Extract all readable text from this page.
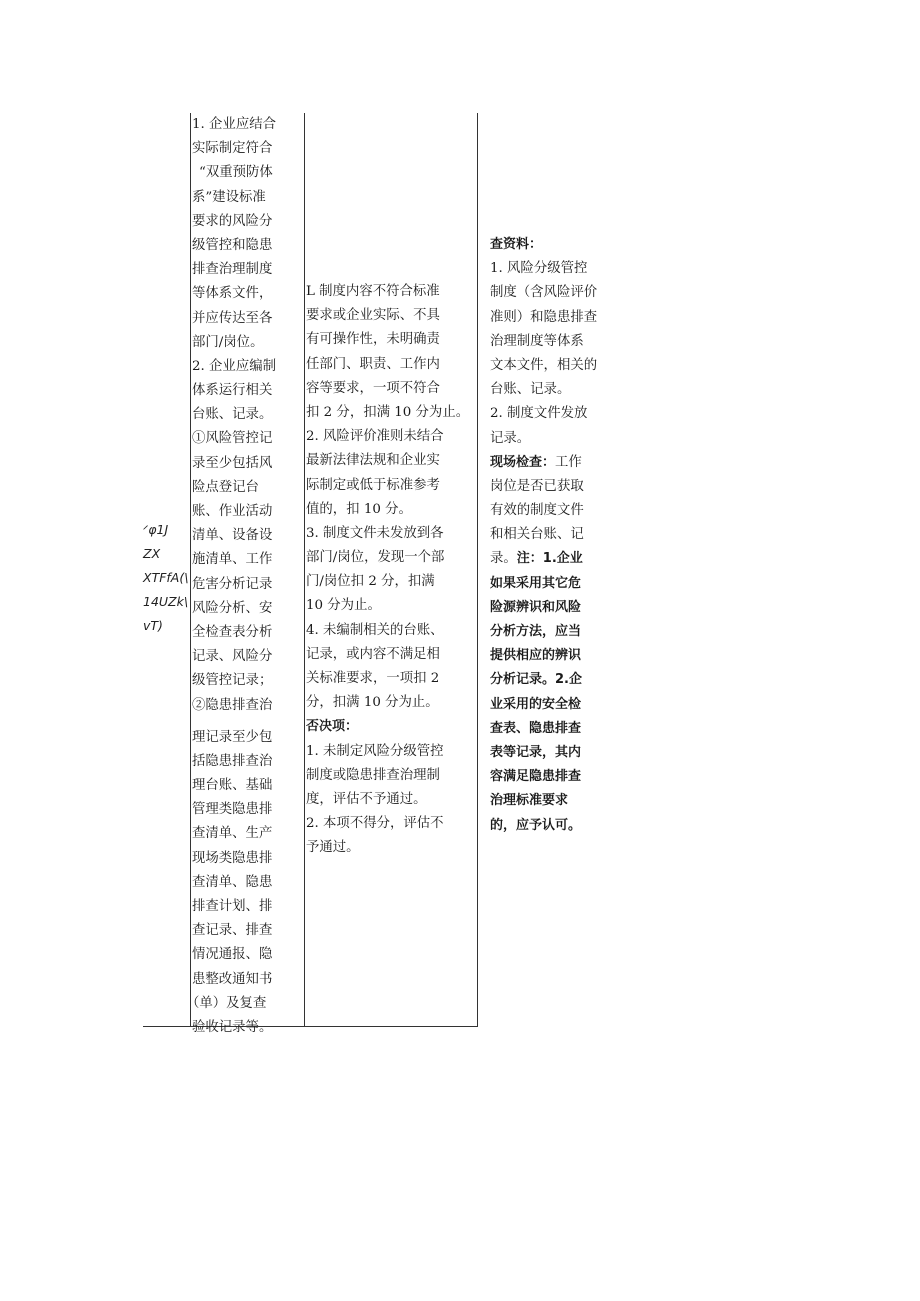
ᐟφ1J
ZX
XTFfA(\
14UZk\
vT)
1. 企业应结合
实际制定符合
“双重预防体
系”建设标准
要求的风险分
级管控和隐患
排查治理制度
等体系文件，
并应传达至各
部门/岗位。
2. 企业应编制
体系运行相关
台账、记录。
①风险管控记
录至少包括风
险点登记台
账、作业活动
清单、设备设
施清单、工作
危害分析记录
风险分析、安
全检查表分析
记录、风险分
级管控记录；
②隐患排查治
理记录至少包
括隐患排查治
理台账、基础
管理类隐患排
查清单、生产
现场类隐患排
查清单、隐患
排查计划、排
查记录、排查
情况通报、隐
患整改通知书
（单）及复查
验收记录等。
L 制度内容不符合标准
要求或企业实际、不具
有可操作性，未明确责
任部门、职责、工作内
容等要求，一项不符合
扣 2 分，扣满 10 分为止。
2. 风险评价准则未结合
最新法律法规和企业实
际制定或低于标准参考
值的，扣 10 分。
3. 制度文件未发放到各
部门/岗位，发现一个部
门/岗位扣 2 分，扣满
10 分为止。
4. 未编制相关的台账、
记录，或内容不满足相
关标准要求，一项扣 2
分，扣满 10 分为止。
否决项：
1. 未制定风险分级管控
制度或隐患排查治理制
度，评估不予通过。
2. 本项不得分，评估不
予通过。
查资料：
1. 风险分级管控
制度（含风险评价
准则）和隐患排查
治理制度等体系
文本文件，相关的
台账、记录。
2. 制度文件发放
记录。
现场检查：工作
岗位是否已获取
有效的制度文件
和相关台账、记
录。注：1.企业
如果采用其它危
险源辨识和风险
分析方法，应当
提供相应的辨识
分析记录。2.企
业采用的安全检
查表、隐患排查
表等记录，其内
容满足隐患排查
治理标准要求
的，应予认可。
